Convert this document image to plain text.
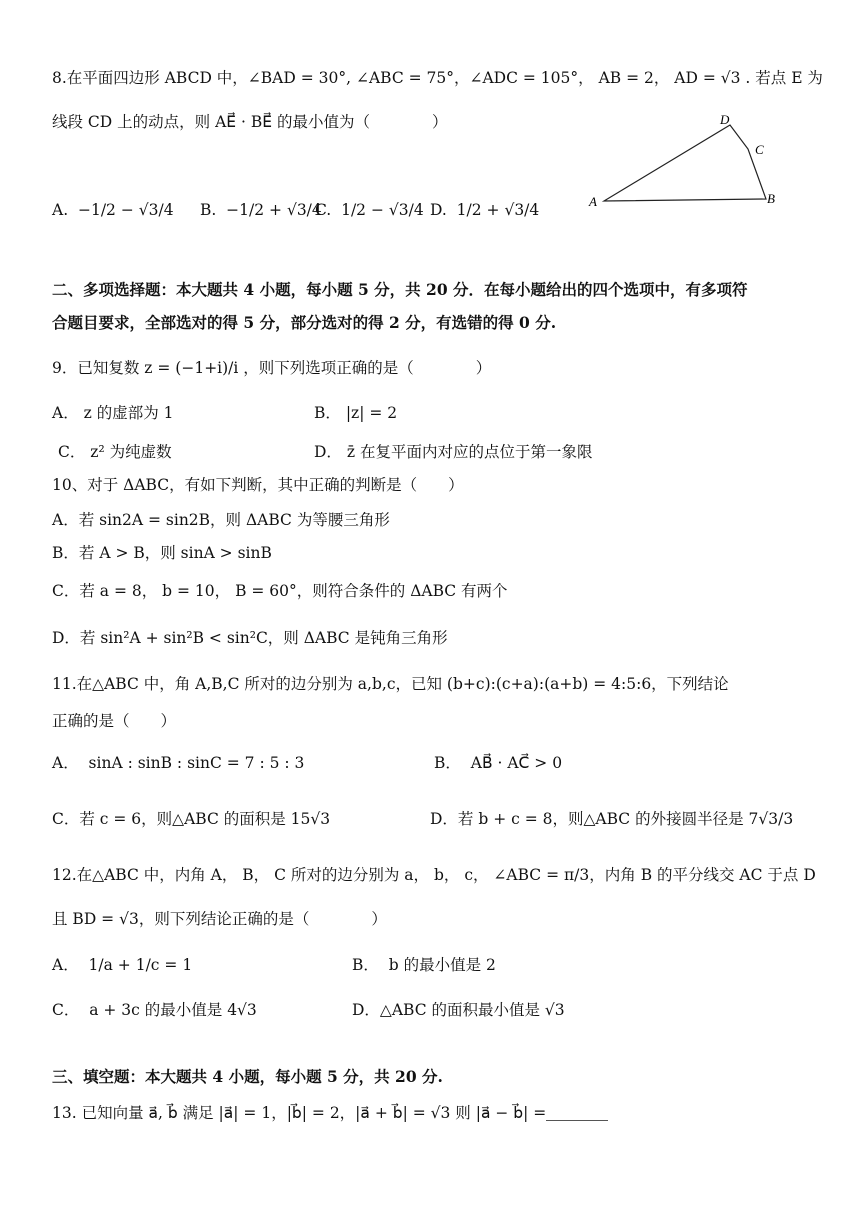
8.在平面四边形 ABCD 中，∠BAD = 30°, ∠ABC = 75°，∠ADC = 105°， AB = 2， AD = √3 . 若点 E 为
线段 CD 上的动点，则 AE⃗ · BE⃗ 的最小值为（　　　　）
A.  −1/2 − √3/4 B.  −1/2 + √3/4
C.  1/2 − √3/4 D.  1/2 + √3/4	A
D
C
B
二、多项选择题：本大题共 4 小题，每小题 5 分，共 20 分．在每小题给出的四个选项中，有多项符
合题目要求，全部选对的得 5 分，部分选对的得 2 分，有选错的得 0 分.
9．已知复数 z = (−1+i)/i ，则下列选项正确的是（　　　　）
A． z 的虚部为 1	B． |z| = 2
C． z² 为纯虚数	D． z̄ 在复平面内对应的点位于第一象限
10、对于 ΔABC，有如下判断，其中正确的判断是（　　）
A．若 sin2A = sin2B，则 ΔABC 为等腰三角形
B．若 A > B，则 sinA > sinB
C．若 a = 8， b = 10， B = 60°，则符合条件的 ΔABC 有两个
D．若 sin²A + sin²B < sin²C，则 ΔABC 是钝角三角形
11.在△ABC 中，角 A,B,C 所对的边分别为 a,b,c，已知 (b+c):(c+a):(a+b) = 4:5:6，下列结论
正确的是（　　）
A．  sinA : sinB : sinC = 7 : 5 : 3	B．  AB⃗ · AC⃗ > 0
C．若 c = 6，则△ABC 的面积是 15√3	D．若 b + c = 8，则△ABC 的外接圆半径是 7√3/3
12.在△ABC 中，内角 A， B， C 所对的边分别为 a， b， c， ∠ABC = π/3，内角 B 的平分线交 AC 于点 D
且 BD = √3，则下列结论正确的是（　　　　）
A．  1/a + 1/c = 1	B．  b 的最小值是 2
C．  a + 3c 的最小值是 4√3	D．△ABC 的面积最小值是 √3
三、填空题：本大题共 4 小题，每小题 5 分，共 20 分.
13. 已知向量 a⃗, b⃗ 满足 |a⃗| = 1，|b⃗| = 2，|a⃗ + b⃗| = √3 则 |a⃗ − b⃗| =
